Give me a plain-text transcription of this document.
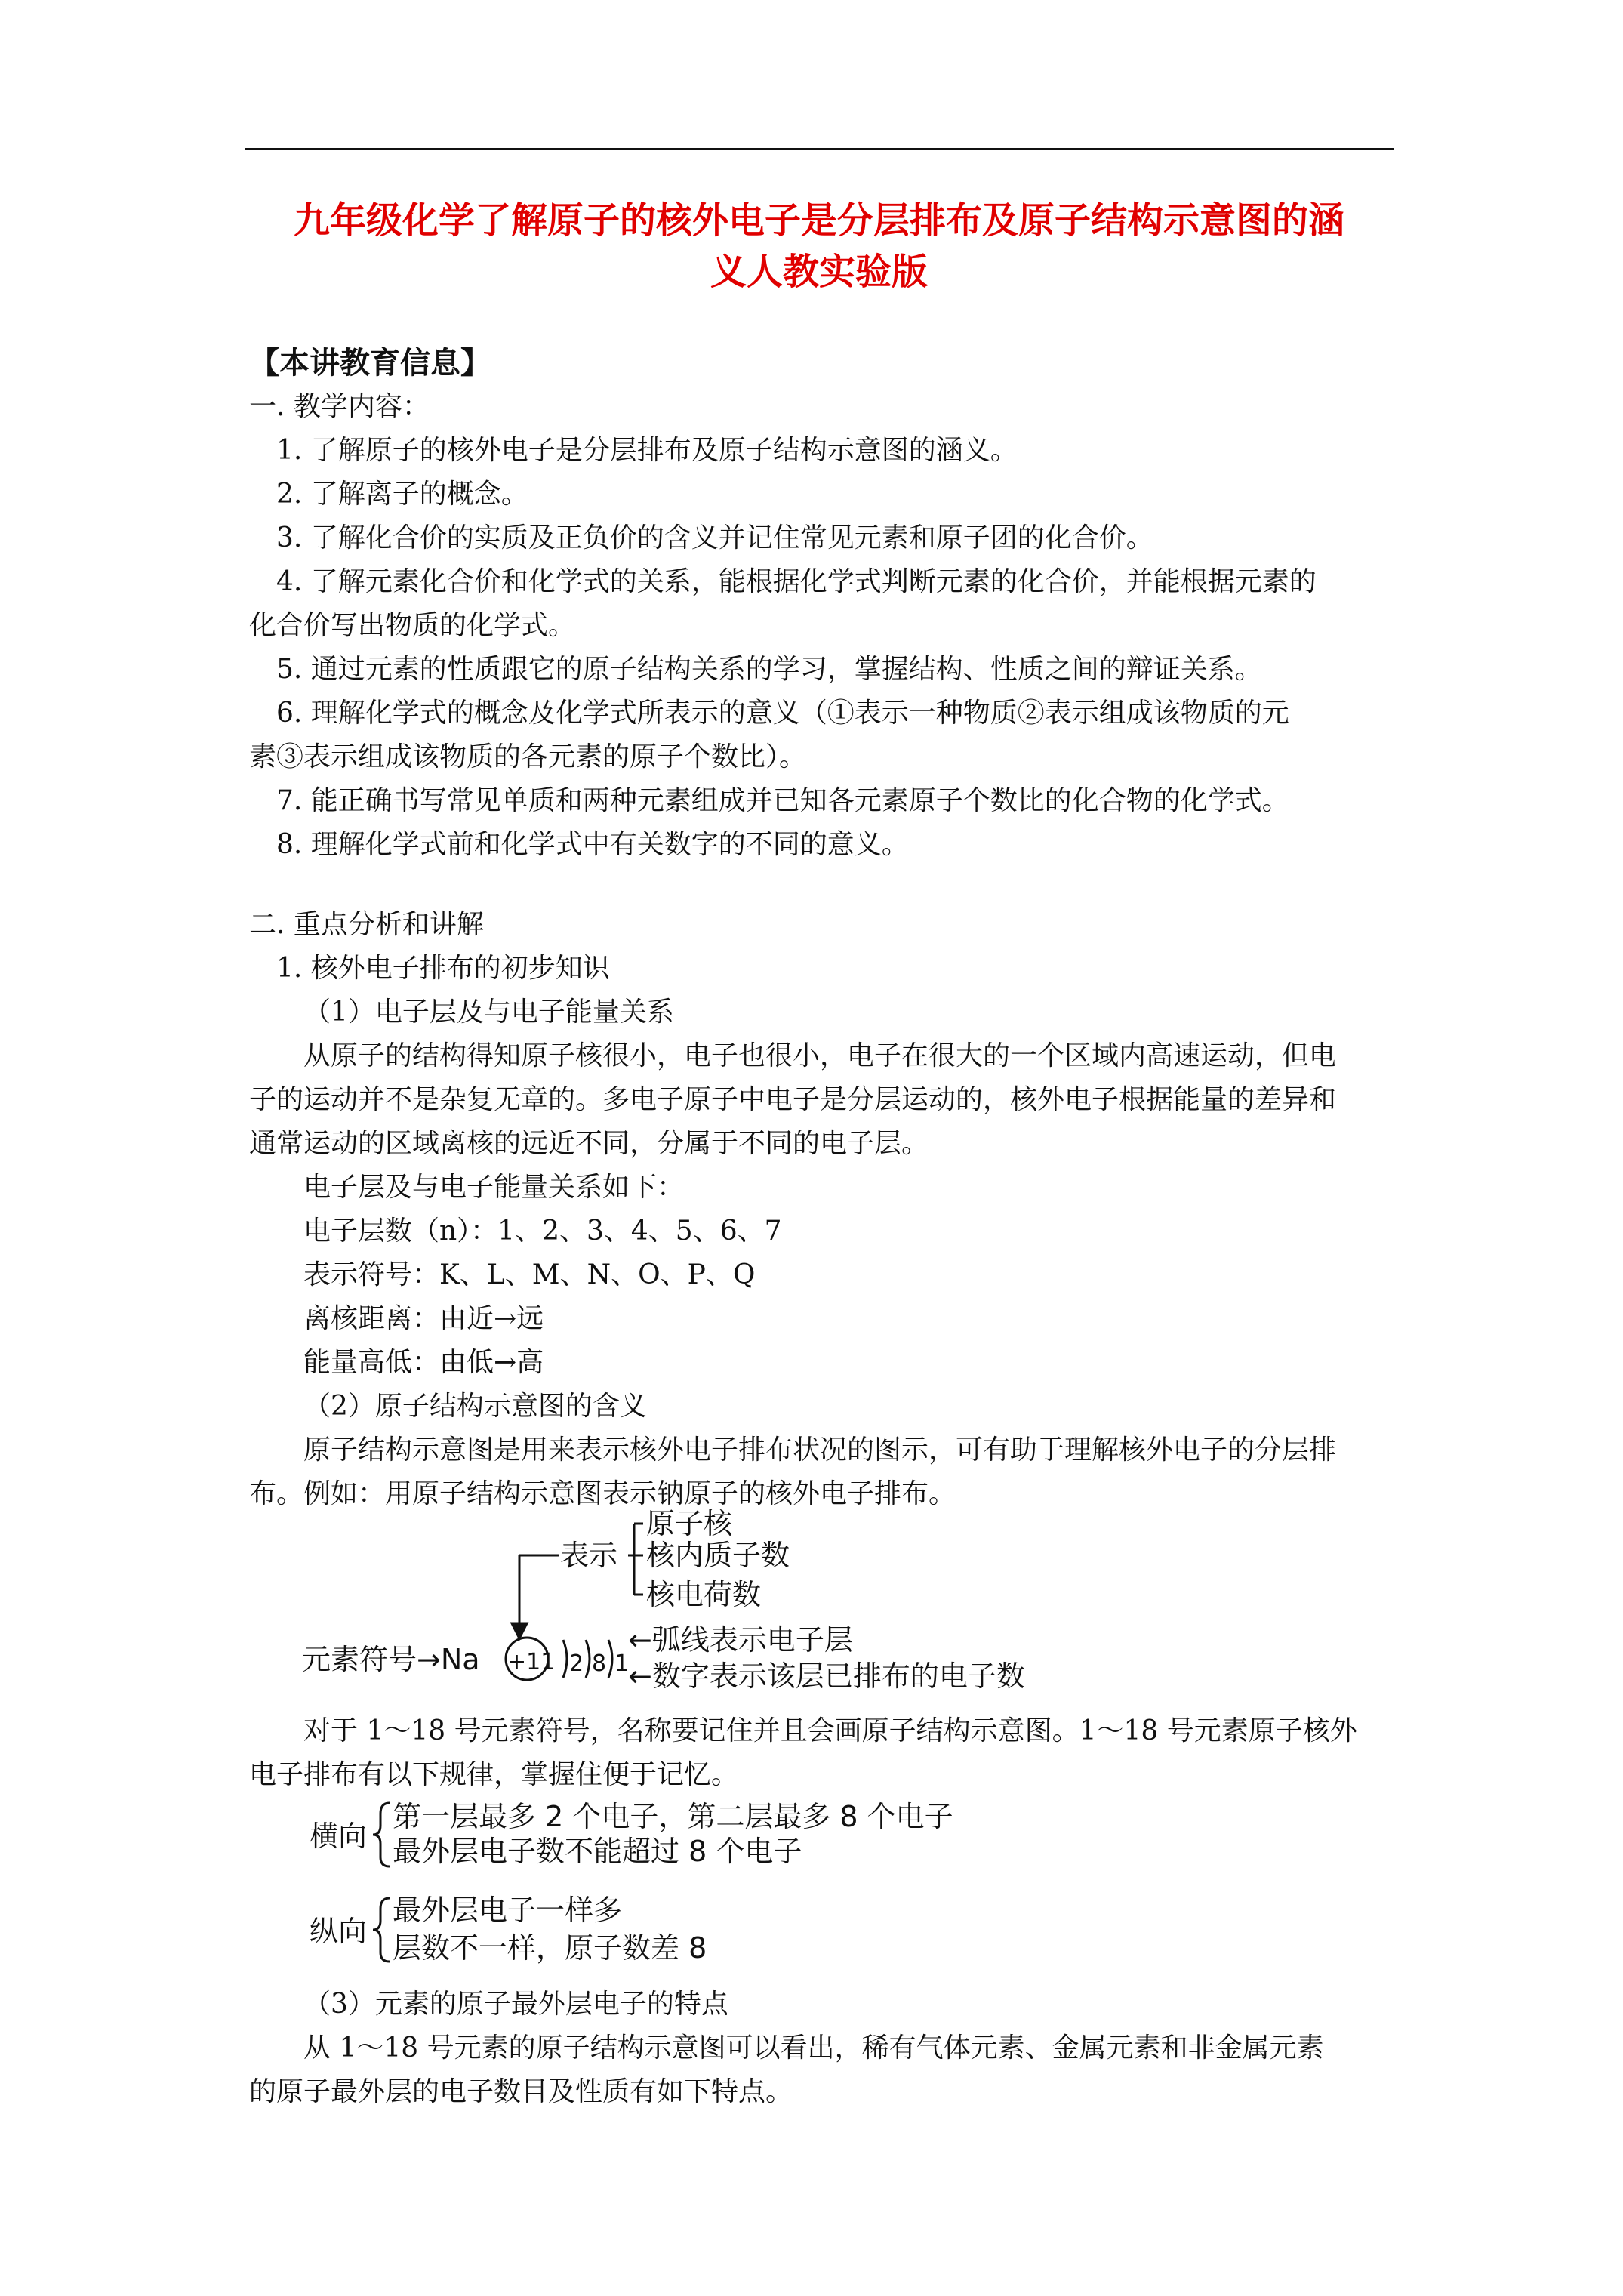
九年级化学了解原子的核外电子是分层排布及原子结构示意图的涵
义人教实验版
【本讲教育信息】
一. 教学内容：
1. 了解原子的核外电子是分层排布及原子结构示意图的涵义。
2. 了解离子的概念。
3. 了解化合价的实质及正负价的含义并记住常见元素和原子团的化合价。
4. 了解元素化合价和化学式的关系，能根据化学式判断元素的化合价，并能根据元素的
化合价写出物质的化学式。
5. 通过元素的性质跟它的原子结构关系的学习，掌握结构、性质之间的辩证关系。
6. 理解化学式的概念及化学式所表示的意义（①表示一种物质②表示组成该物质的元
素③表示组成该物质的各元素的原子个数比）。
7. 能正确书写常见单质和两种元素组成并已知各元素原子个数比的化合物的化学式。
8. 理解化学式前和化学式中有关数字的不同的意义。
二. 重点分析和讲解
1. 核外电子排布的初步知识
（1）电子层及与电子能量关系
从原子的结构得知原子核很小，电子也很小，电子在很大的一个区域内高速运动，但电
子的运动并不是杂复无章的。多电子原子中电子是分层运动的，核外电子根据能量的差异和
通常运动的区域离核的远近不同，分属于不同的电子层。
电子层及与电子能量关系如下：
电子层数（n）：1、2、3、4、5、6、7
表示符号：K、L、M、N、O、P、Q
离核距离：由近→远
能量高低：由低→高
（2）原子结构示意图的含义
原子结构示意图是用来表示核外电子排布状况的图示，可有助于理解核外电子的分层排
布。例如：用原子结构示意图表示钠原子的核外电子排布。
表示
原子核
核内质子数
核电荷数
元素符号→Na +11 2 8 1
←弧线表示电子层
←数字表示该层已排布的电子数
对于 1～18 号元素符号，名称要记住并且会画原子结构示意图。1～18 号元素原子核外
电子排布有以下规律，掌握住便于记忆。
横向
第一层最多 2 个电子，第二层最多 8 个电子
最外层电子数不能超过 8 个电子
纵向
最外层电子一样多
层数不一样，原子数差 8
（3）元素的原子最外层电子的特点
从 1～18 号元素的原子结构示意图可以看出，稀有气体元素、金属元素和非金属元素
的原子最外层的电子数目及性质有如下特点。
